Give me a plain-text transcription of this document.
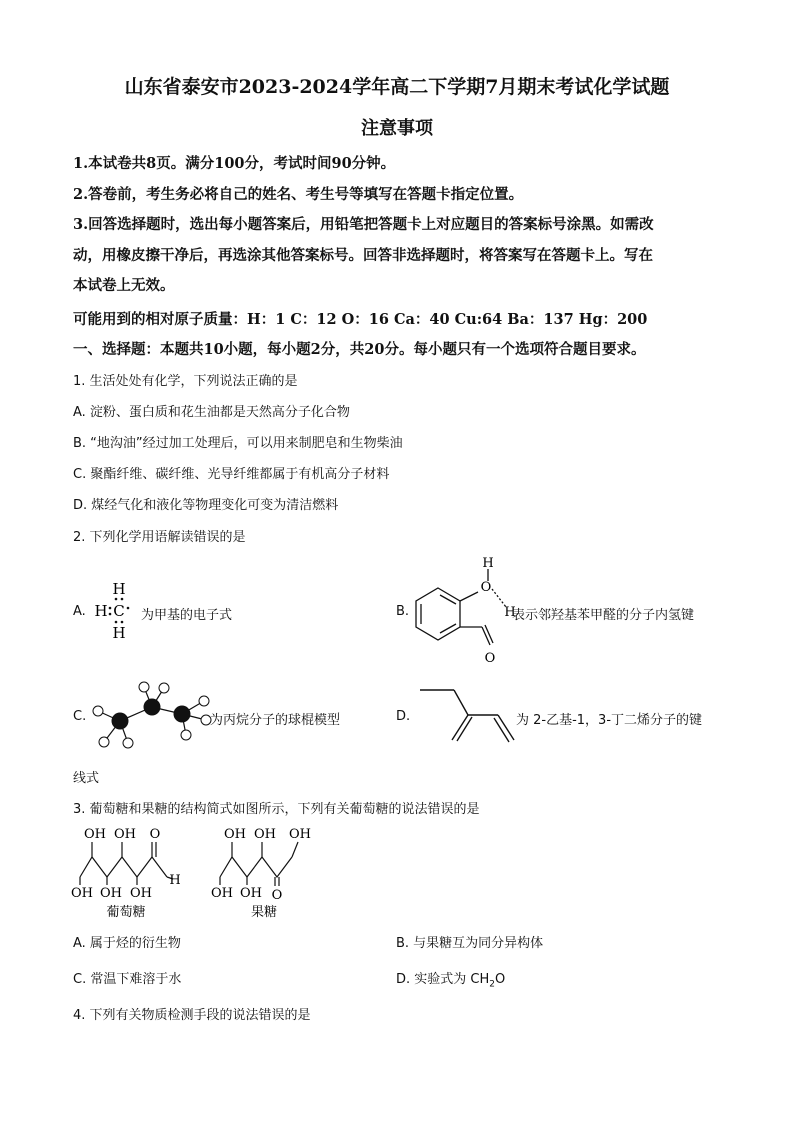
山东省泰安市2023-2024学年高二下学期7月期末考试化学试题
注意事项
1.本试卷共8页。满分100分，考试时间90分钟。
2.答卷前，考生务必将自己的姓名、考生号等填写在答题卡指定位置。
3.回答选择题时，选出每小题答案后，用铅笔把答题卡上对应题目的答案标号涂黑。如需改
动，用橡皮擦干净后，再选涂其他答案标号。回答非选择题时，将答案写在答题卡上。写在
本试卷上无效。
可能用到的相对原子质量：H：1 C：12 O：16 Ca：40 Cu:64 Ba：137 Hg：200
一、选择题：本题共10小题，每小题2分，共20分。每小题只有一个选项符合题目要求。
1. 生活处处有化学，下列说法正确的是
A. 淀粉、蛋白质和花生油都是天然高分子化合物
B. “地沟油”经过加工处理后，可以用来制肥皂和生物柴油
C. 聚酯纤维、碳纤维、光导纤维都属于有机高分子材料
D. 煤经气化和液化等物理变化可变为清洁燃料
2. 下列化学用语解读错误的是
A.
H
H C
H
为甲基的电子式	B.
H
O
H
O
表示邻羟基苯甲醛的分子内氢键
C.	为丙烷分子的球棍模型	D.	为 2-乙基-1，3-丁二烯分子的键
线式
3. 葡萄糖和果糖的结构简式如图所示，下列有关葡萄糖的说法错误的是
OH OH O
OH OH OH
H
葡萄糖
OH OH OH
OH OH O
果糖
A. 属于烃的衍生物	B. 与果糖互为同分异构体
C. 常温下难溶于水	D. 实验式为 $CH_2O$
4. 下列有关物质检测手段的说法错误的是
